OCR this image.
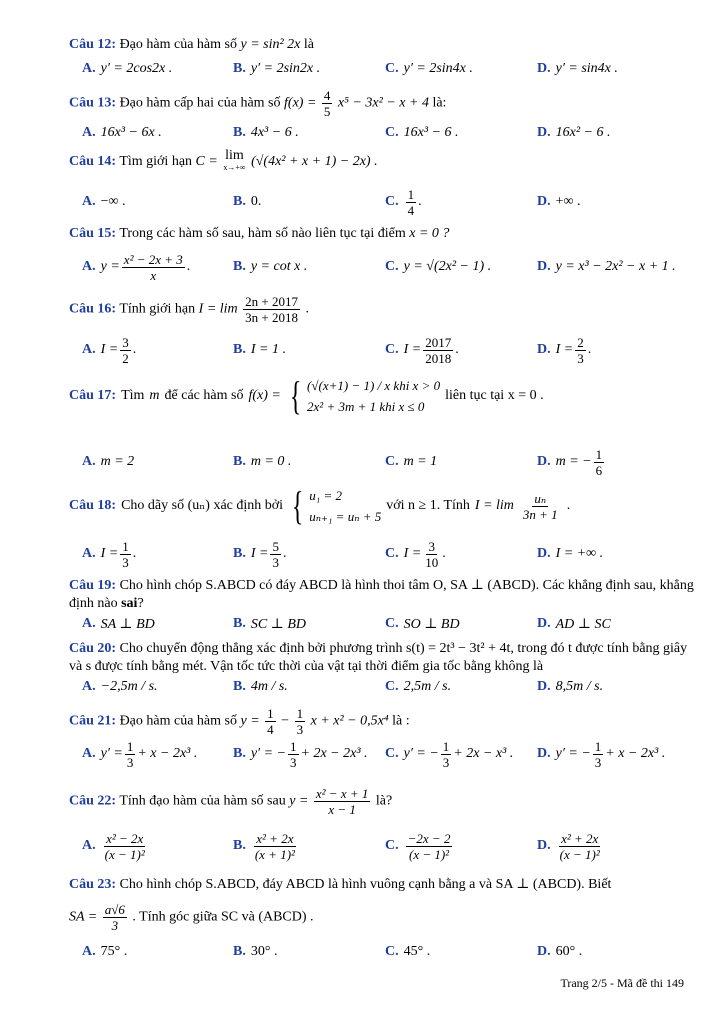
Câu 12: Đạo hàm của hàm số y = sin² 2x là
A. y′ = 2cos2x .	B. y′ = 2sin2x .	C. y′ = 2sin4x .	D. y′ = sin4x .
Câu 13: Đạo hàm cấp hai của hàm số $f(x) = \frac{4}{5} x^5 - 3x^2 - x + 4$ là:
A. 16x³ − 6x .	B. 4x³ − 6 .	C. 16x³ − 6 .	D. 16x² − 6 .
Câu 14: Tìm giới hạn C = lim
x→+∞ (√(4x² + x + 1) − 2x) .
A. −∞ .	B. 0.	C. $\frac{1}{4}$ .	D. +∞ .
Câu 15: Trong các hàm số sau, hàm số nào liên tục tại điểm x = 0 ?
A. $y = \frac{\text{x² − 2x + 3}}{x}$ .	B. y = cot x .	C. y = √(2x² − 1) .	D. y = x³ − 2x² − x + 1 .
Câu 16: Tính giới hạn $I = \lim \frac{2n + 2017}{3n + 2018}$ .
A. $I = \frac{3}{2}$ .	B. I = 1 .	C. $I = \frac{2017}{2018}$ .	D. $I = \frac{2}{3}$ .
Câu 17: Tìm m để các hàm số f(x) = { (√(x+1) − 1) / x khi x > 0
2x² + 3m + 1 khi x ≤ 0
liên tục tại x = 0 .
A. m = 2	B. m = 0 .	C. m = 1	D. m = − $\frac{1}{6}$
Câu 18: Cho dãy số (uₙ) xác định bởi { u₁ = 2
uₙ₊₁ = uₙ + 5
với n ≥ 1. Tính $I = \lim \frac{\text{uₙ}}{3n + 1}$ .
A. $I = \frac{1}{3}$ .	B. $I = \frac{5}{3}$ .	C. $I = \frac{3}{10}$ .	D. I = +∞ .
Câu 19: Cho hình chóp S.ABCD có đáy ABCD là hình thoi tâm O, SA ⊥ (ABCD). Các khẳng định sau, khẳng định nào sai?
A. SA ⊥ BD	B. SC ⊥ BD	C. SO ⊥ BD	D. AD ⊥ SC
Câu 20: Cho chuyển động thẳng xác định bởi phương trình s(t) = 2t³ − 3t² + 4t, trong đó t được tính bằng giây và s được tính bằng mét. Vận tốc tức thời của vật tại thời điểm gia tốc bằng không là
A. −2,5m / s.	B. 4m / s.	C. 2,5m / s.	D. 8,5m / s.
Câu 21: Đạo hàm của hàm số $y = \frac{1}{4} - \frac{1}{3}$ x + x² − 0,5x⁴ là :
A. $y' = \frac{1}{3} + x - 2x^3$ .	B. y′ = − $\frac{1}{3} + 2x - 2x^3$ . C. y′ = − $\frac{1}{3} + 2x - x^3$ . D. y′ = − $\frac{1}{3} + x - 2x^3$ .
Câu 22: Tính đạo hàm của hàm số sau $y = \frac{\text{x² − x + 1}}{x - 1}$ là?
A. $\frac{\text{x² − 2x}}{\text{(x − 1)²}}$	B. $\frac{\text{x² + 2x}}{\text{(x + 1)²}}$	C. $\frac{-2x - 2}{\text{(x − 1)²}}$	D. $\frac{\text{x² + 2x}}{\text{(x − 1)²}}$
Câu 23: Cho hình chóp S.ABCD, đáy ABCD là hình vuông cạnh bằng a và SA ⊥ (ABCD). Biết
SA = $\frac{a√6}{3}$ . Tính góc giữa SC và (ABCD) .
A. 75° .	B. 30° .	C. 45° .	D. 60° .
Trang 2/5 - Mã đề thi 149
